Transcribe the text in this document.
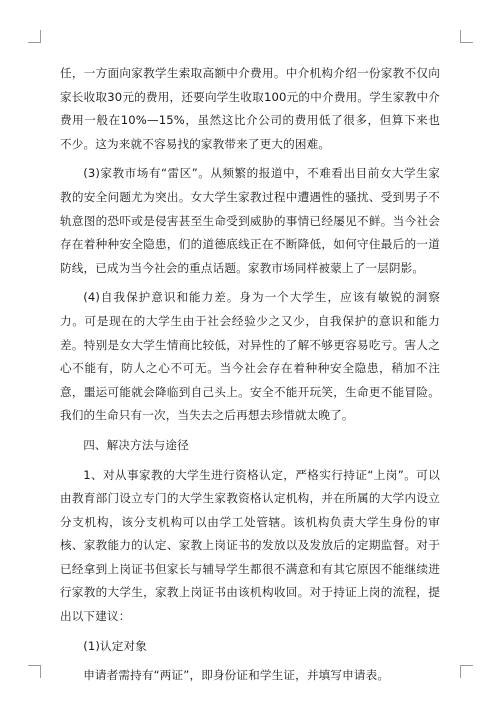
任，一方面向家教学生索取高额中介费用。中介机构介绍一份家教不仅向家长收取30元的费用，还要向学生收取100元的中介费用。学生家教中介费用一般在10%—15%，虽然这比介公司的费用低了很多，但算下来也不少。这为来就不容易找的家教带来了更大的困难。

(3)家教市场有“雷区”。从频繁的报道中，不难看出目前女大学生家教的安全问题尤为突出。女大学生家教过程中遭遇性的骚扰、受到男子不轨意图的恐吓或是侵害甚至生命受到威胁的事情已经屡见不鲜。当今社会存在着种种安全隐患，们的道德底线正在不断降低，如何守住最后的一道防线，已成为当今社会的重点话题。家教市场同样被蒙上了一层阴影。

(4)自我保护意识和能力差。身为一个大学生，应该有敏锐的洞察力。可是现在的大学生由于社会经验少之又少，自我保护的意识和能力差。特别是女大学生情商比较低，对异性的了解不够更容易吃亏。害人之心不能有，防人之心不可无。当今社会存在着种种安全隐患，稍加不注意，噩运可能就会降临到自己头上。安全不能开玩笑，生命更不能冒险。我们的生命只有一次，当失去之后再想去珍惜就太晚了。

四、解决方法与途径

1、对从事家教的大学生进行资格认定，严格实行持证“上岗”。可以由教育部门设立专门的大学生家教资格认定机构，并在所属的大学内设立分支机构，该分支机构可以由学工处管辖。该机构负责大学生身份的审核、家教能力的认定、家教上岗证书的发放以及发放后的定期监督。对于已经拿到上岗证书但家长与辅导学生都很不满意和有其它原因不能继续进行家教的大学生，家教上岗证书由该机构收回。对于持证上岗的流程，提出以下建议：

(1)认定对象

申请者需持有“两证”，即身份证和学生证，并填写申请表。
